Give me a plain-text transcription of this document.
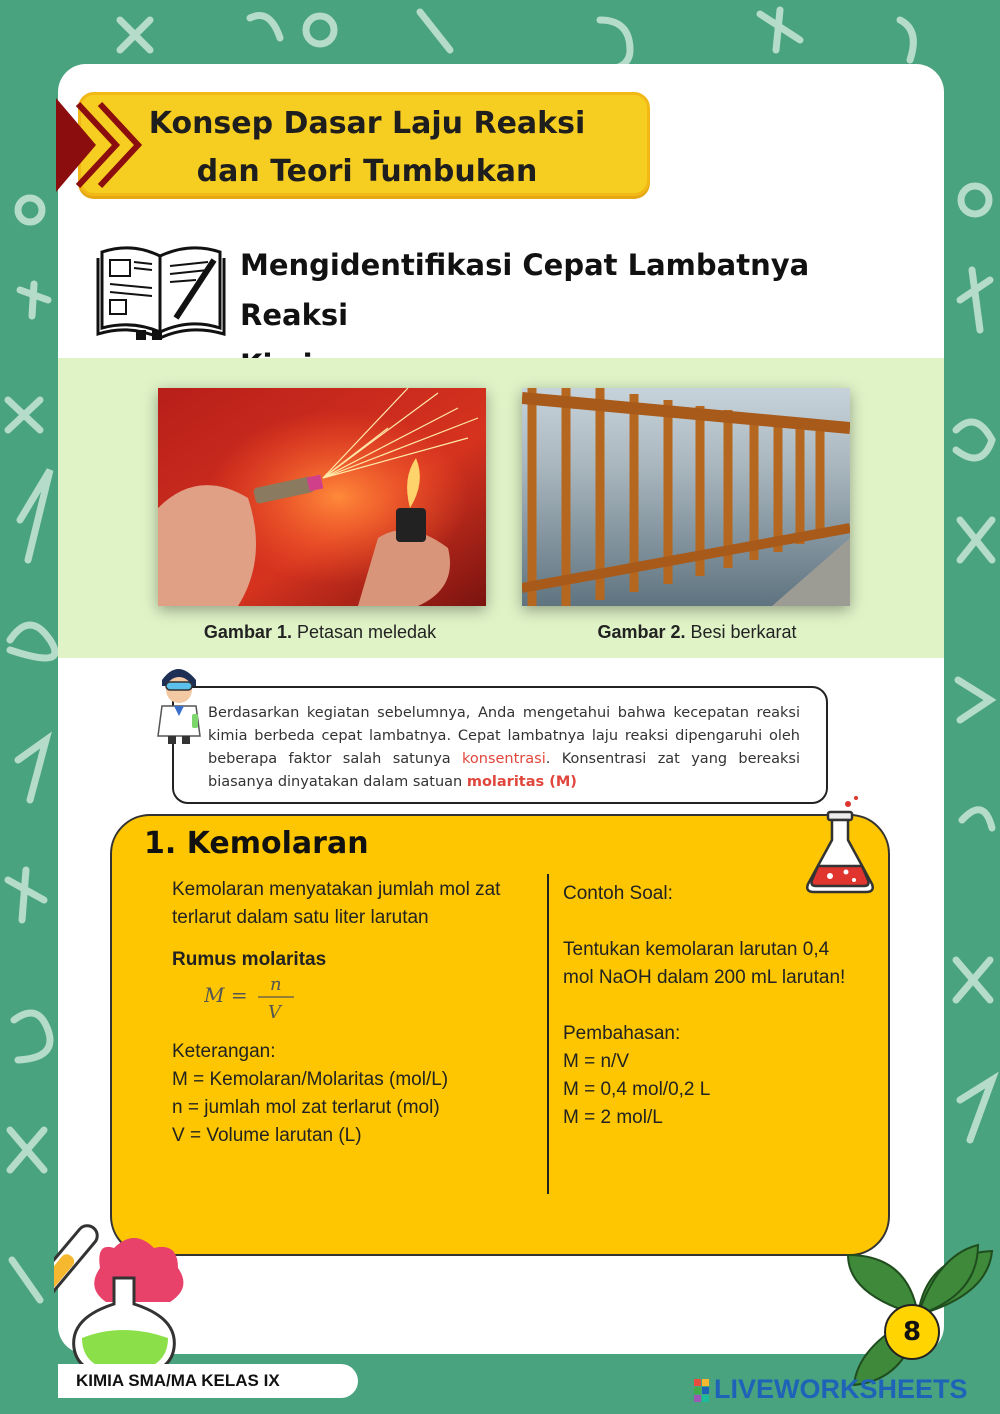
Konsep Dasar Laju Reaksi
dan Teori Tumbukan
Mengidentifikasi Cepat Lambatnya Reaksi
Gambar 1. Petasan meledak	Gambar 2. Besi berkarat
Berdasarkan kegiatan sebelumnya, Anda mengetahui bahwa kecepatan reaksi kimia berbeda cepat lambatnya. Cepat lambatnya laju reaksi dipengaruhi oleh beberapa faktor salah satunya konsentrasi. Konsentrasi zat yang bereaksi biasanya dinyatakan dalam satuan molaritas (M)
1. Kemolaran
Kemolaran menyatakan jumlah mol zat terlarut dalam satu liter larutan
Rumus molaritas
Keterangan:
M = Kemolaran/Molaritas (mol/L)
n = jumlah mol zat terlarut (mol)
V = Volume larutan (L)
M = n
V
Contoh Soal:
Tentukan kemolaran larutan 0,4 mol NaOH dalam 200 mL larutan!
Pembahasan:
M = n/V
M = 0,4 mol/0,2 L
M = 2 mol/L
8
KIMIA SMA/MA KELAS IX	LIVEWORKSHEETS
